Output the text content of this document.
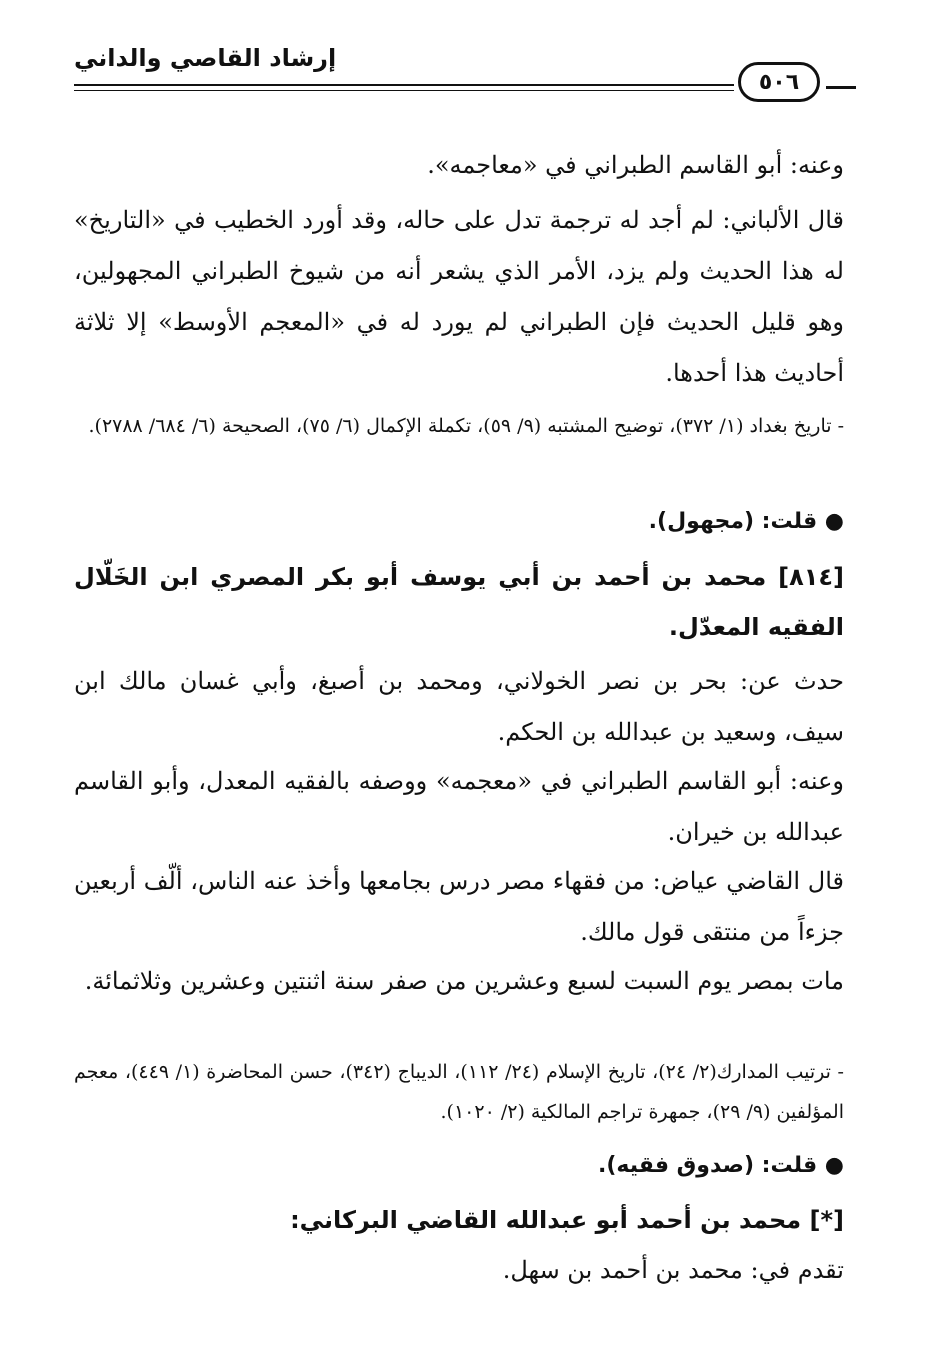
إرشاد القاصي والداني
٥٠٦
وعنه: أبو القاسم الطبراني في «معاجمه».
قال الألباني: لم أجد له ترجمة تدل على حاله، وقد أورد الخطيب في «التاريخ» له هذا الحديث ولم يزد، الأمر الذي يشعر أنه من شيوخ الطبراني المجهولين، وهو قليل الحديث فإن الطبراني لم يورد له في «المعجم الأوسط» إلا ثلاثة أحاديث هذا أحدها.
- تاريخ بغداد (١/ ٣٧٢)، توضيح المشتبه (٩/ ٥٩)، تكملة الإكمال (٦/ ٧٥)، الصحيحة (٦/ ٦٨٤/ ٢٧٨٨).
● قلت: (مجهول).
[٨١٤] محمد بن أحمد بن أبي يوسف أبو بكر المصري ابن الخَلّال الفقيه المعدّل.
حدث عن: بحر بن نصر الخولاني، ومحمد بن أصبغ، وأبي غسان مالك ابن سيف، وسعيد بن عبدالله بن الحكم.
وعنه: أبو القاسم الطبراني في «معجمه» ووصفه بالفقيه المعدل، وأبو القاسم عبدالله بن خيران.
قال القاضي عياض: من فقهاء مصر درس بجامعها وأخذ عنه الناس، ألّف أربعين جزءاً من منتقى قول مالك.
مات بمصر يوم السبت لسبع وعشرين من صفر سنة اثنتين وعشرين وثلاثمائة.
- ترتيب المدارك(٢/ ٢٤)، تاريخ الإسلام (٢٤/ ١١٢)، الديباج (٣٤٢)، حسن المحاضرة (١/ ٤٤٩)، معجم المؤلفين (٩/ ٢٩)، جمهرة تراجم المالكية (٢/ ١٠٢٠).
● قلت: (صدوق فقيه).
[*] محمد بن أحمد أبو عبدالله القاضي البركاني:
تقدم في: محمد بن أحمد بن سهل.
